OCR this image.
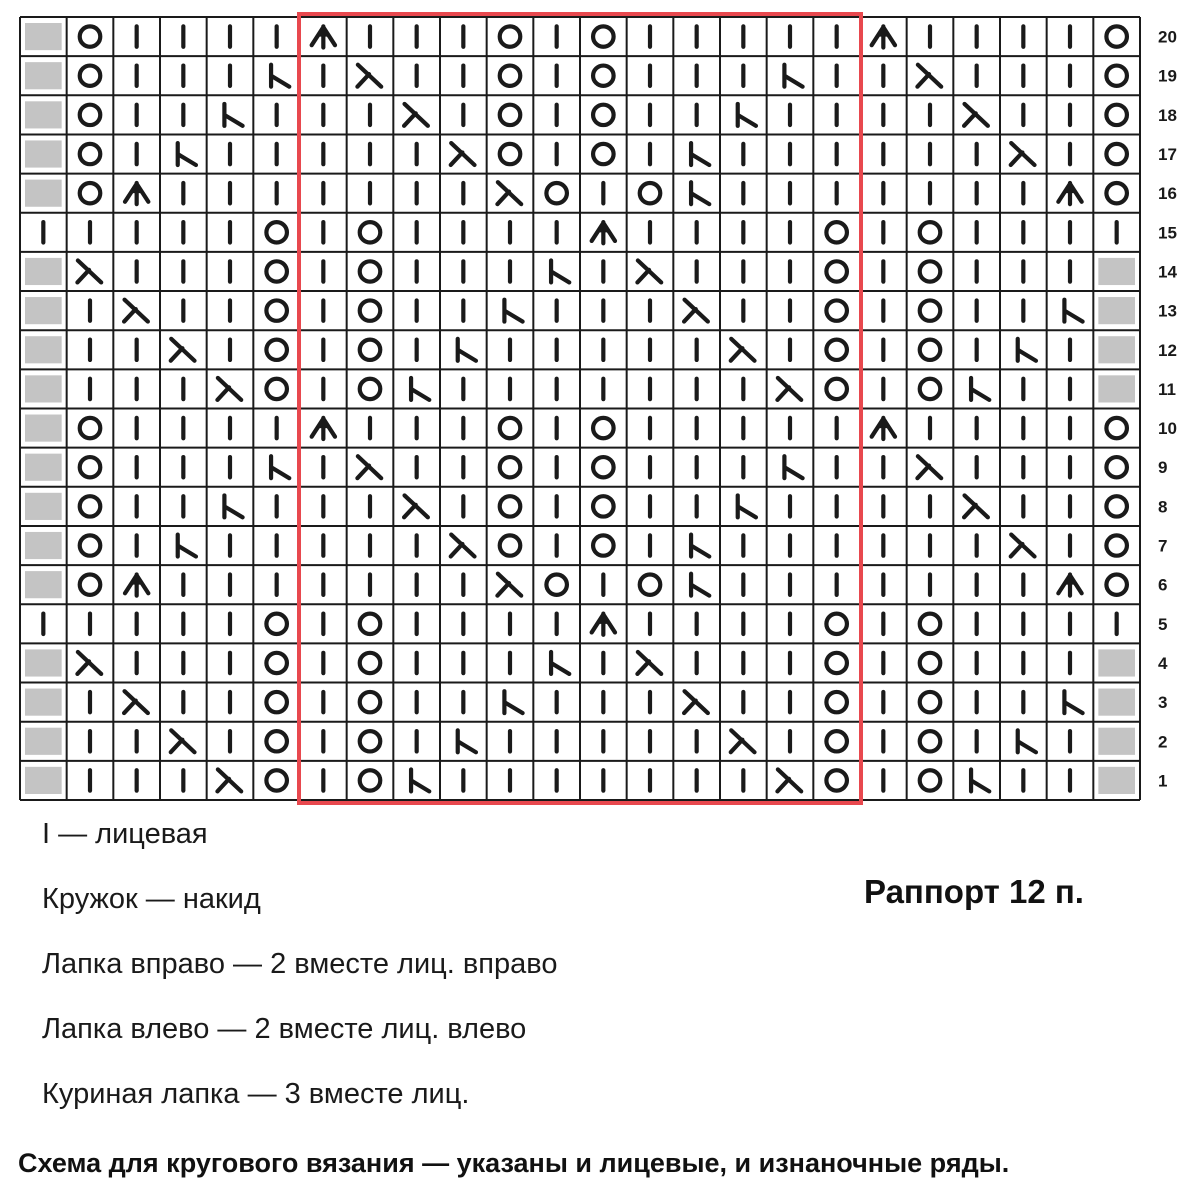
1
2
3
4
5
6
7
8
9
10
11
12
13
14
15
16
17
18
19
20
I — лицевая
Кружок — накид
Лапка вправо — 2 вместе лиц. вправо
Лапка влево — 2 вместе лиц. влево
Куриная лапка — 3 вместе лиц.
Раппорт 12 п.
Схема для кругового вязания — указаны и лицевые, и изнаночные ряды.
